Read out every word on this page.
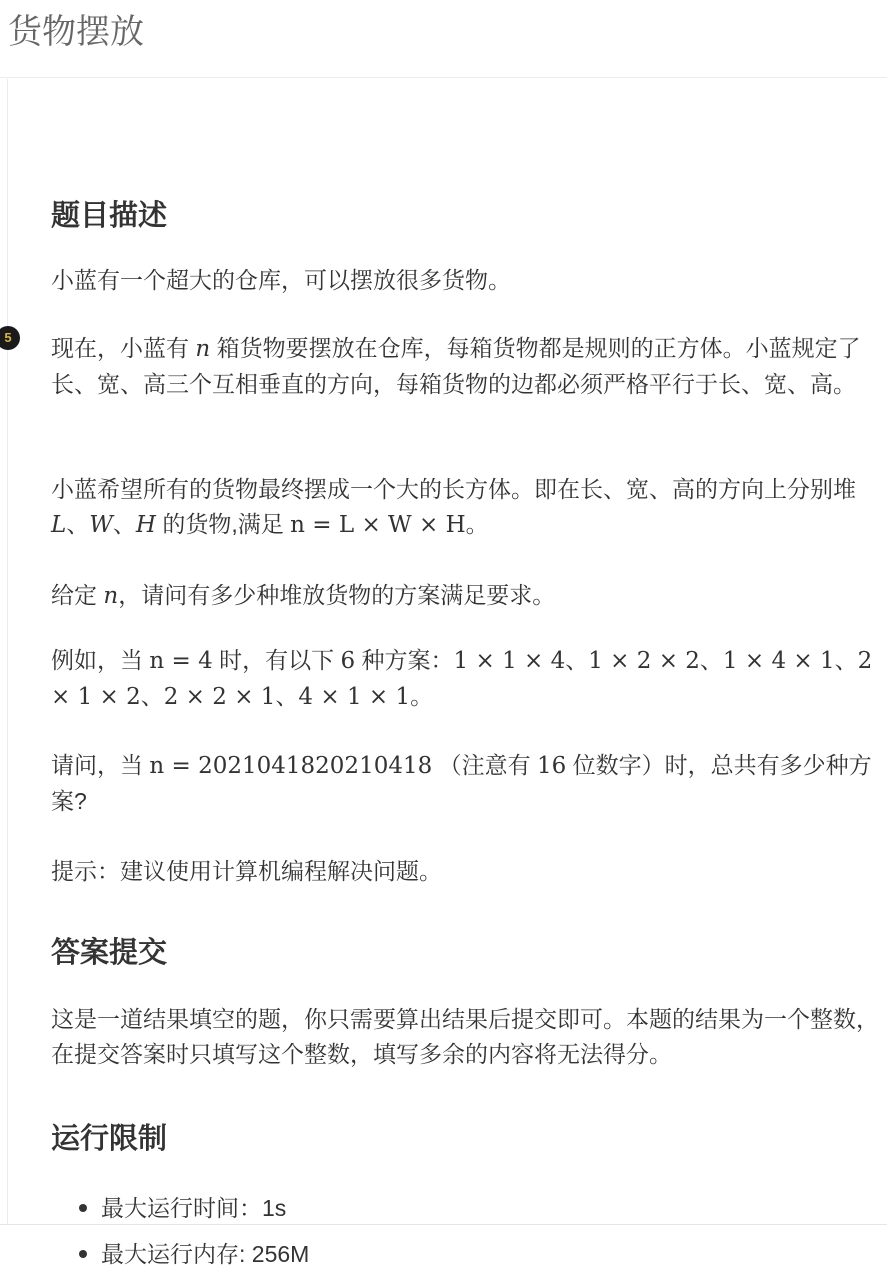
货物摆放
5
题目描述

小蓝有一个超大的仓库，可以摆放很多货物。

现在，小蓝有 n 箱货物要摆放在仓库，每箱货物都是规则的正方体。小蓝规定了长、宽、高三个互相垂直的方向，每箱货物的边都必须严格平行于长、宽、高。

小蓝希望所有的货物最终摆成一个大的长方体。即在长、宽、高的方向上分别堆 L、W、H 的货物,满足 n = L × W × H。

给定 n，请问有多少种堆放货物的方案满足要求。

例如，当 n = 4 时，有以下 6 种方案：1 × 1 × 4、1 × 2 × 2、1 × 4 × 1、2 × 1 × 2、2 × 2 × 1、4 × 1 × 1。

请问，当 n = 2021041820210418 （注意有 16 位数字）时，总共有多少种方案?

提示：建议使用计算机编程解决问题。

答案提交

这是一道结果填空的题，你只需要算出结果后提交即可。本题的结果为一个整数，在提交答案时只填写这个整数，填写多余的内容将无法得分。

运行限制
最大运行时间：1s
最大运行内存: 256M
